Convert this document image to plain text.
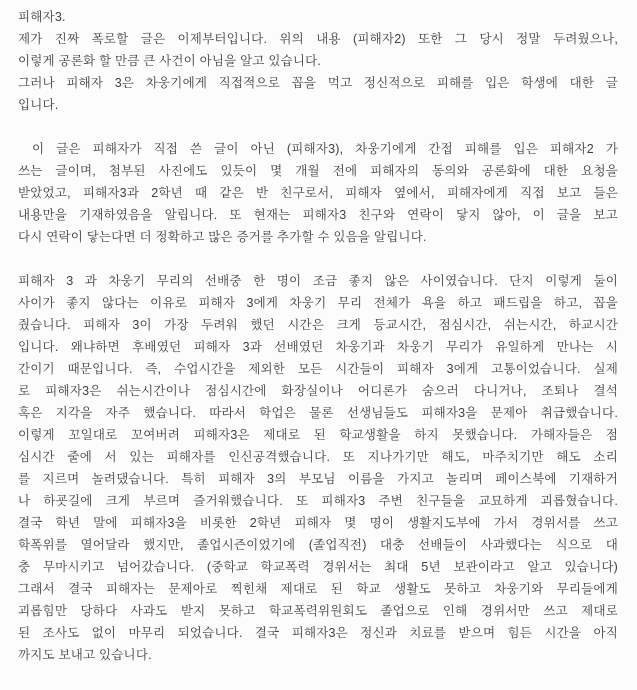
피해자3.
제가 진짜 폭로할 글은 이제부터입니다. 위의 내용 (피해자2) 또한 그 당시 정말 두려웠으나,
이렇게 공론화 할 만큼 큰 사건이 아님을 알고 있습니다.
그러나 피해자 3은 차웅기에게 직접적으로 꼽을 먹고 정신적으로 피해를 입은 학생에 대한 글
입니다.
이 글은 피해자가 직접 쓴 글이 아닌 (피해자3), 차웅기에게 간접 피해를 입은 피해자2 가
쓰는 글이며, 첨부된 사진에도 있듯이 몇 개월 전에 피해자의 동의와 공론화에 대한 요청을
받았었고, 피해자3과 2학년 때 같은 반 친구로서, 피해자 옆에서, 피해자에게 직접 보고 들은
내용만을 기재하였음을 알립니다. 또 현재는 피해자3 친구와 연락이 닿지 않아, 이 글을 보고
다시 연락이 닿는다면 더 정확하고 많은 증거를 추가할 수 있음을 알립니다.
피해자 3 과 차웅기 무리의 선배중 한 명이 조금 좋지 않은 사이였습니다. 단지 이렇게 둘이
사이가 좋지 않다는 이유로 피해자 3에게 차웅기 무리 전체가 욕을 하고 패드립을 하고, 꼽을
줬습니다. 피해자 3이 가장 두려워 했던 시간은 크게 등교시간, 점심시간, 쉬는시간, 하교시간
입니다. 왜냐하면 후배였던 피해자 3과 선배였던 차웅기과 차웅기 무리가 유일하게 만나는 시
간이기 때문입니다. 즉, 수업시간을 제외한 모든 시간들이 피해자 3에게 고통이었습니다. 실제
로 피해자3은 쉬는시간이나 점심시간에 화장실이나 어디론가 숨으러 다니거나, 조퇴나 결석
혹은 지각을 자주 했습니다. 따라서 학업은 물론 선생님들도 피해자3을 문제아 취급했습니다.
이렇게 꼬일대로 꼬여버려 피해자3은 제대로 된 학교생활을 하지 못했습니다. 가해자들은 점
심시간 줄에 서 있는 피해자를 인신공격했습니다. 또 지나가기만 해도, 마주치기만 해도 소리
를 지르며 놀려댔습니다. 특히 피해자 3의 부모님 이름을 가지고 놀리며 페이스북에 기재하거
나 하굣길에 크게 부르며 즐거워했습니다. 또 피해자3 주변 친구들을 교묘하게 괴롭혔습니다.
결국 학년 말에 피해자3을 비롯한 2학년 피해자 몇 명이 생활지도부에 가서 경위서를 쓰고
학폭위를 열어달라 했지만, 졸업시즌이었기에 (졸업직전) 대충 선배들이 사과했다는 식으로 대
충 무마시키고 넘어갔습니다. (중학교 학교폭력 경위서는 최대 5년 보관이라고 알고 있습니다)
그래서 결국 피해자는 문제아로 찍힌채 제대로 된 학교 생활도 못하고 차웅기와 무리들에게
괴롭힘만 당하다 사과도 받지 못하고 학교폭력위원회도 졸업으로 인해 경위서만 쓰고 제대로
된 조사도 없이 마무리 되었습니다. 결국 피해자3은 정신과 치료를 받으며 힘든 시간을 아직
까지도 보내고 있습니다.
